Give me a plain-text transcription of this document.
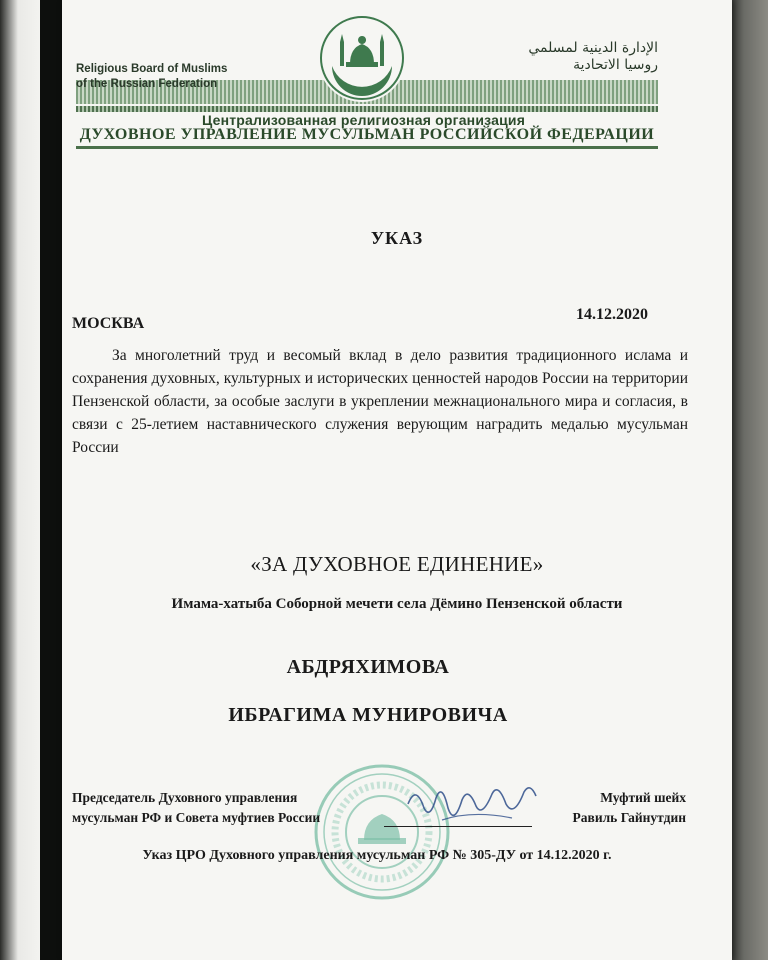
Religious Board of Muslims
of the Russian Federation
الإدارة الدينية لمسلمي
روسيا الاتحادية
Централизованная религиозная организация
ДУХОВНОЕ УПРАВЛЕНИЕ МУСУЛЬМАН РОССИЙСКОЙ ФЕДЕРАЦИИ
УКАЗ
МОСКВА
14.12.2020
За многолетний труд и весомый вклад в дело развития традиционного ислама и сохранения духовных, культурных и исторических ценностей народов России на территории Пензенской области, за особые заслуги в укреплении межнационального мира и согласия, в связи с 25-летием наставнического служения верующим наградить медалью мусульман России
«ЗА ДУХОВНОЕ ЕДИНЕНИЕ»
Имама-хатыба Соборной мечети села Дёмино Пензенской области
АБДРЯХИМОВА
ИБРАГИМА МУНИРОВИЧА
Председатель Духовного управления
мусульман РФ и Совета муфтиев России
Муфтий шейх
Равиль Гайнутдин
Указ ЦРО Духовного управления мусульман РФ № 305-ДУ от 14.12.2020 г.
